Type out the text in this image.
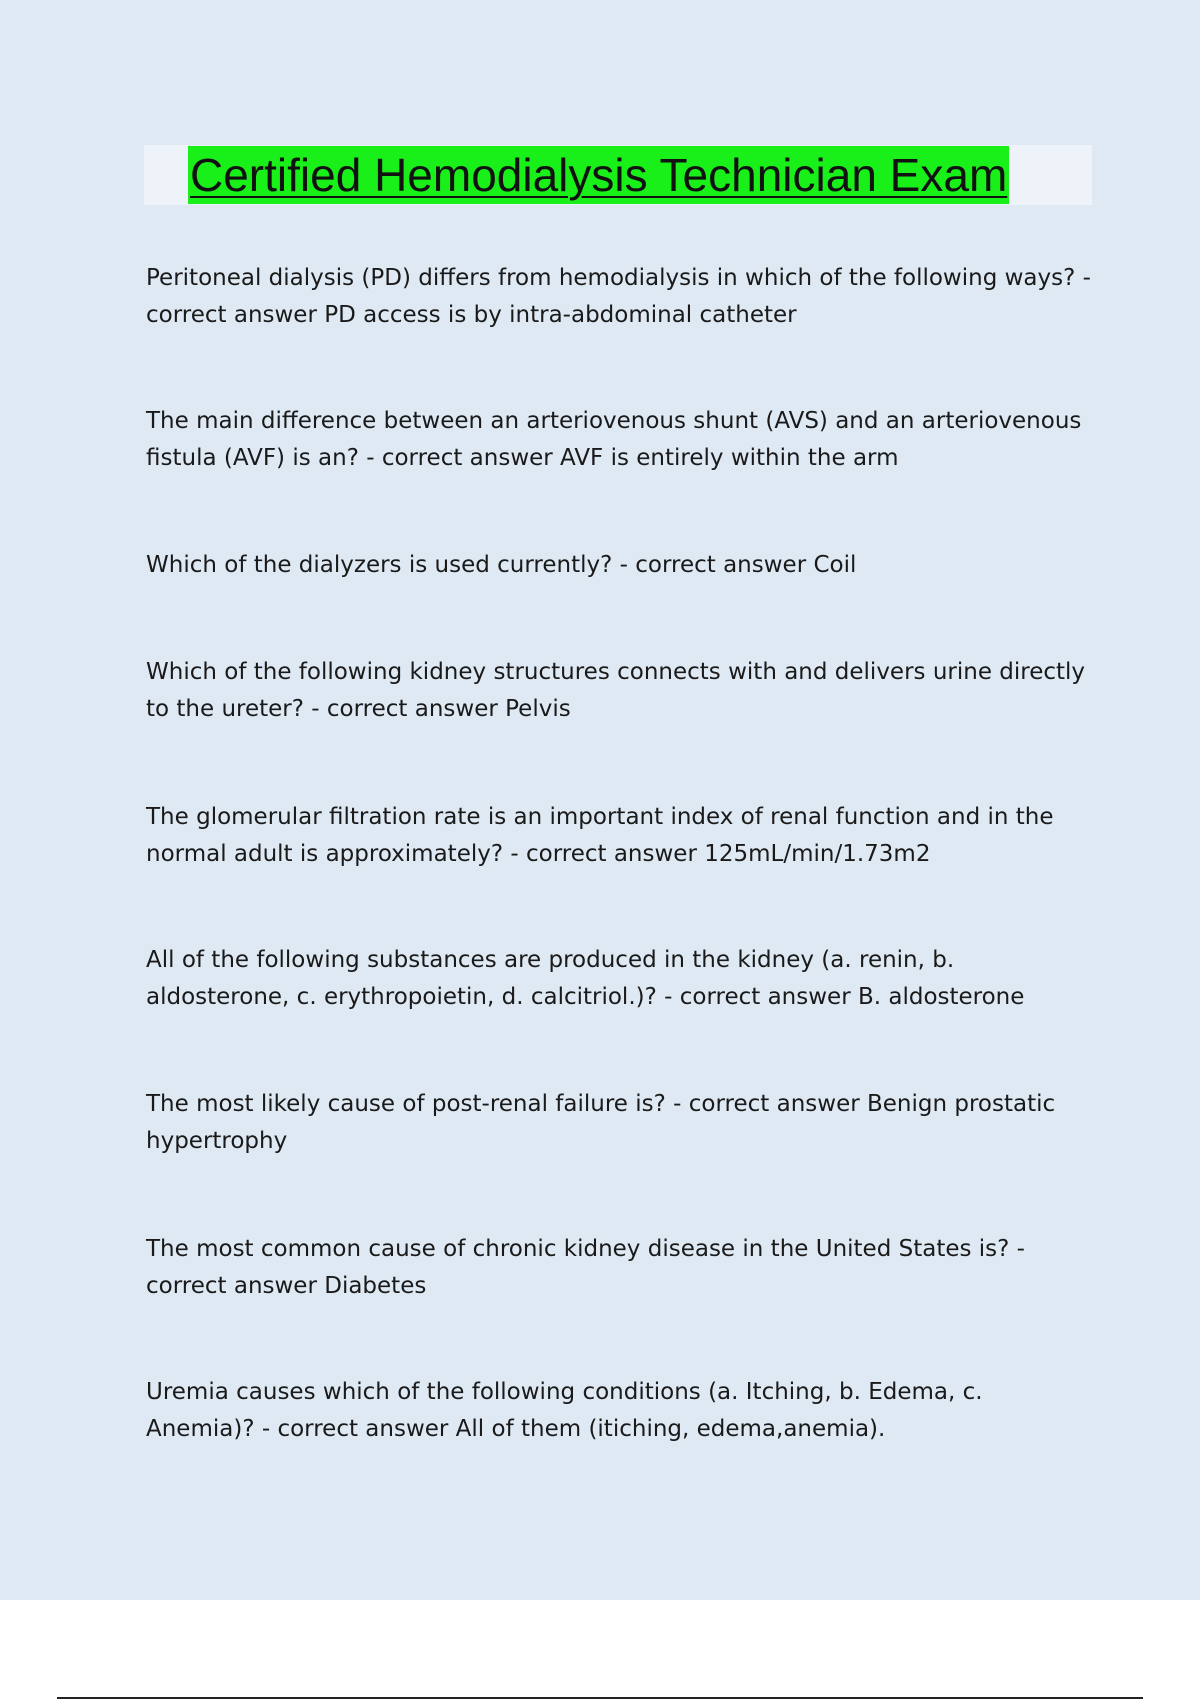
Certified Hemodialysis Technician Exam

Peritoneal dialysis (PD) differs from hemodialysis in which of the following ways? - correct answer PD access is by intra-abdominal catheter

The main difference between an arteriovenous shunt (AVS) and an arteriovenous fistula (AVF) is an? - correct answer AVF is entirely within the arm

Which of the dialyzers is used currently? - correct answer Coil

Which of the following kidney structures connects with and delivers urine directly to the ureter? - correct answer Pelvis

The glomerular filtration rate is an important index of renal function and in the normal adult is approximately? - correct answer 125mL/min/1.73m2

All of the following substances are produced in the kidney (a. renin, b. aldosterone, c. erythropoietin, d. calcitriol.)? - correct answer B. aldosterone

The most likely cause of post-renal failure is? - correct answer Benign prostatic hypertrophy

The most common cause of chronic kidney disease in the United States is? - correct answer Diabetes

Uremia causes which of the following conditions (a. Itching, b. Edema, c. Anemia)? - correct answer All of them (itiching, edema,anemia).
